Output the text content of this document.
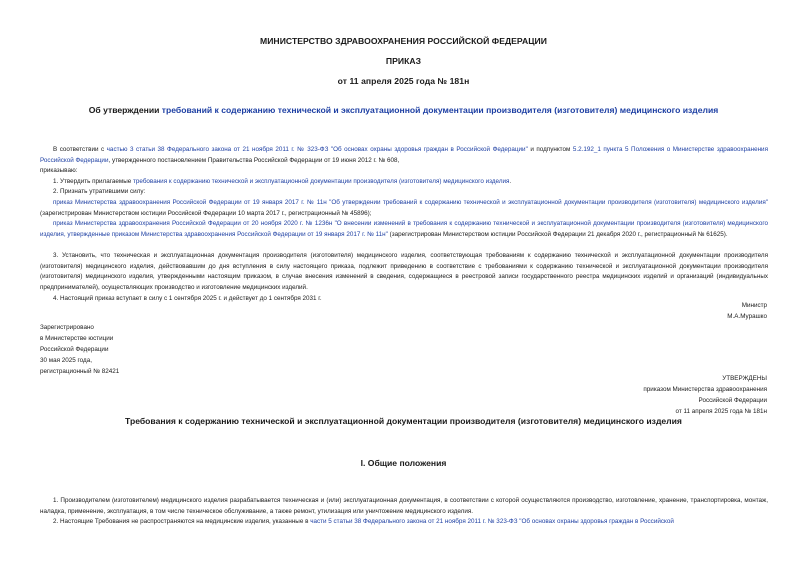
МИНИСТЕРСТВО ЗДРАВООХРАНЕНИЯ РОССИЙСКОЙ ФЕДЕРАЦИИ
ПРИКАЗ
от 11 апреля 2025 года № 181н
Об утверждении требований к содержанию технической и эксплуатационной документации производителя (изготовителя) медицинского изделия

В соответствии с частью 3 статьи 38 Федерального закона от 21 ноября 2011 г. № 323-ФЗ "Об основах охраны здоровья граждан в Российской Федерации" и подпунктом 5.2.192_1 пункта 5 Положения о Министерстве здравоохранения Российской Федерации, утвержденного постановлением Правительства Российской Федерации от 19 июня 2012 г. № 608,

приказываю:
1. Утвердить прилагаемые требования к содержанию технической и эксплуатационной документации производителя (изготовителя) медицинского изделия.
2. Признать утратившими силу:

приказ Министерства здравоохранения Российской Федерации от 19 января 2017 г. № 11н "Об утверждении требований к содержанию технической и эксплуатационной документации производителя (изготовителя) медицинского изделия" (зарегистрирован Министерством юстиции Российской Федерации 10 марта 2017 г., регистрационный № 45896);

приказ Министерства здравоохранения Российской Федерации от 20 ноября 2020 г. № 1236н "О внесении изменений в требования к содержанию технической и эксплуатационной документации производителя (изготовителя) медицинского изделия, утвержденные приказом Министерства здравоохранения Российской Федерации от 19 января 2017 г. № 11н" (зарегистрирован Министерством юстиции Российской Федерации 21 декабря 2020 г., регистрационный № 61625).

3. Установить, что техническая и эксплуатационная документация производителя (изготовителя) медицинского изделия, соответствующая требованиям к содержанию технической и эксплуатационной документации производителя (изготовителя) медицинского изделия, действовавшим до дня вступления в силу настоящего приказа, подлежит приведению в соответствие с требованиями к содержанию технической и эксплуатационной документации производителя (изготовителя) медицинского изделия, утвержденными настоящим приказом, в случае внесения изменений в сведения, содержащиеся в реестровой записи государственного реестра медицинских изделий и организаций (индивидуальных предпринимателей), осуществляющих производство и изготовление медицинских изделий.

4. Настоящий приказ вступает в силу с 1 сентября 2025 г. и действует до 1 сентября 2031 г.
Министр
М.А.Мурашко
Зарегистрировано
в Министерстве юстиции
Российской Федерации
30 мая 2025 года,
регистрационный № 82421
УТВЕРЖДЕНЫ
приказом Министерства здравоохранения
Российской Федерации
от 11 апреля 2025 года № 181н
Требования к содержанию технической и эксплуатационной документации производителя (изготовителя) медицинского изделия
I. Общие положения

1. Производителем (изготовителем) медицинского изделия разрабатывается техническая и (или) эксплуатационная документация, в соответствии с которой осуществляются производство, изготовление, хранение, транспортировка, монтаж, наладка, применение, эксплуатация, в том числе техническое обслуживание, а также ремонт, утилизация или уничтожение медицинского изделия.

2. Настоящие Требования не распространяются на медицинские изделия, указанные в части 5 статьи 38 Федерального закона от 21 ноября 2011 г. № 323-ФЗ "Об основах охраны здоровья граждан в Российской
